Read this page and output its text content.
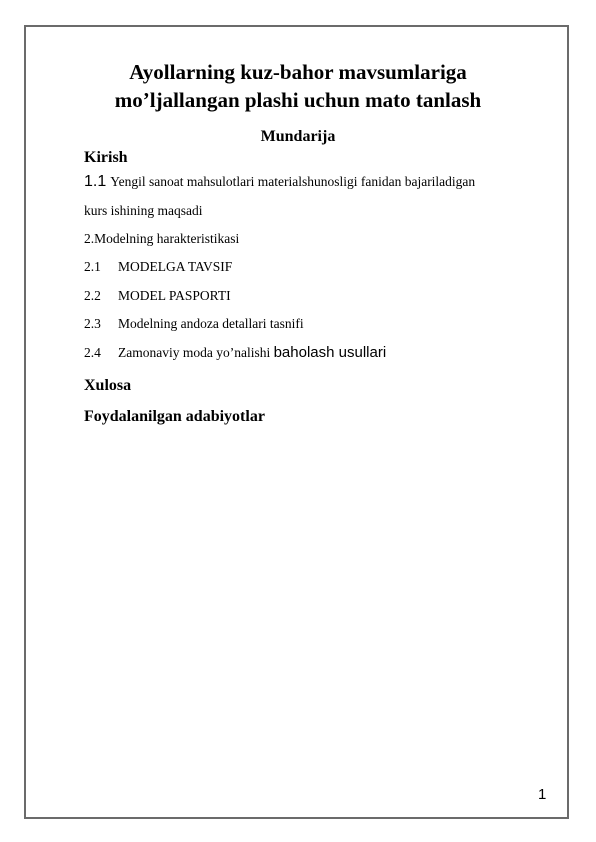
Ayollarning kuz-bahor mavsumlariga
mo’ljallangan plashi uchun mato tanlash
Mundarija
Kirish
1.1 Yengil sanoat mahsulotlari materialshunosligi fanidan bajariladigan
kurs ishining maqsadi
2.Modelning harakteristikasi
2.1 MODELGA TAVSIF
2.2 MODEL PASPORTI
2.3 Modelning andoza detallari tasnifi
2.4 Zamonaviy moda yo’nalishi baholash usullari
Xulosa
Foydalanilgan adabiyotlar
1
